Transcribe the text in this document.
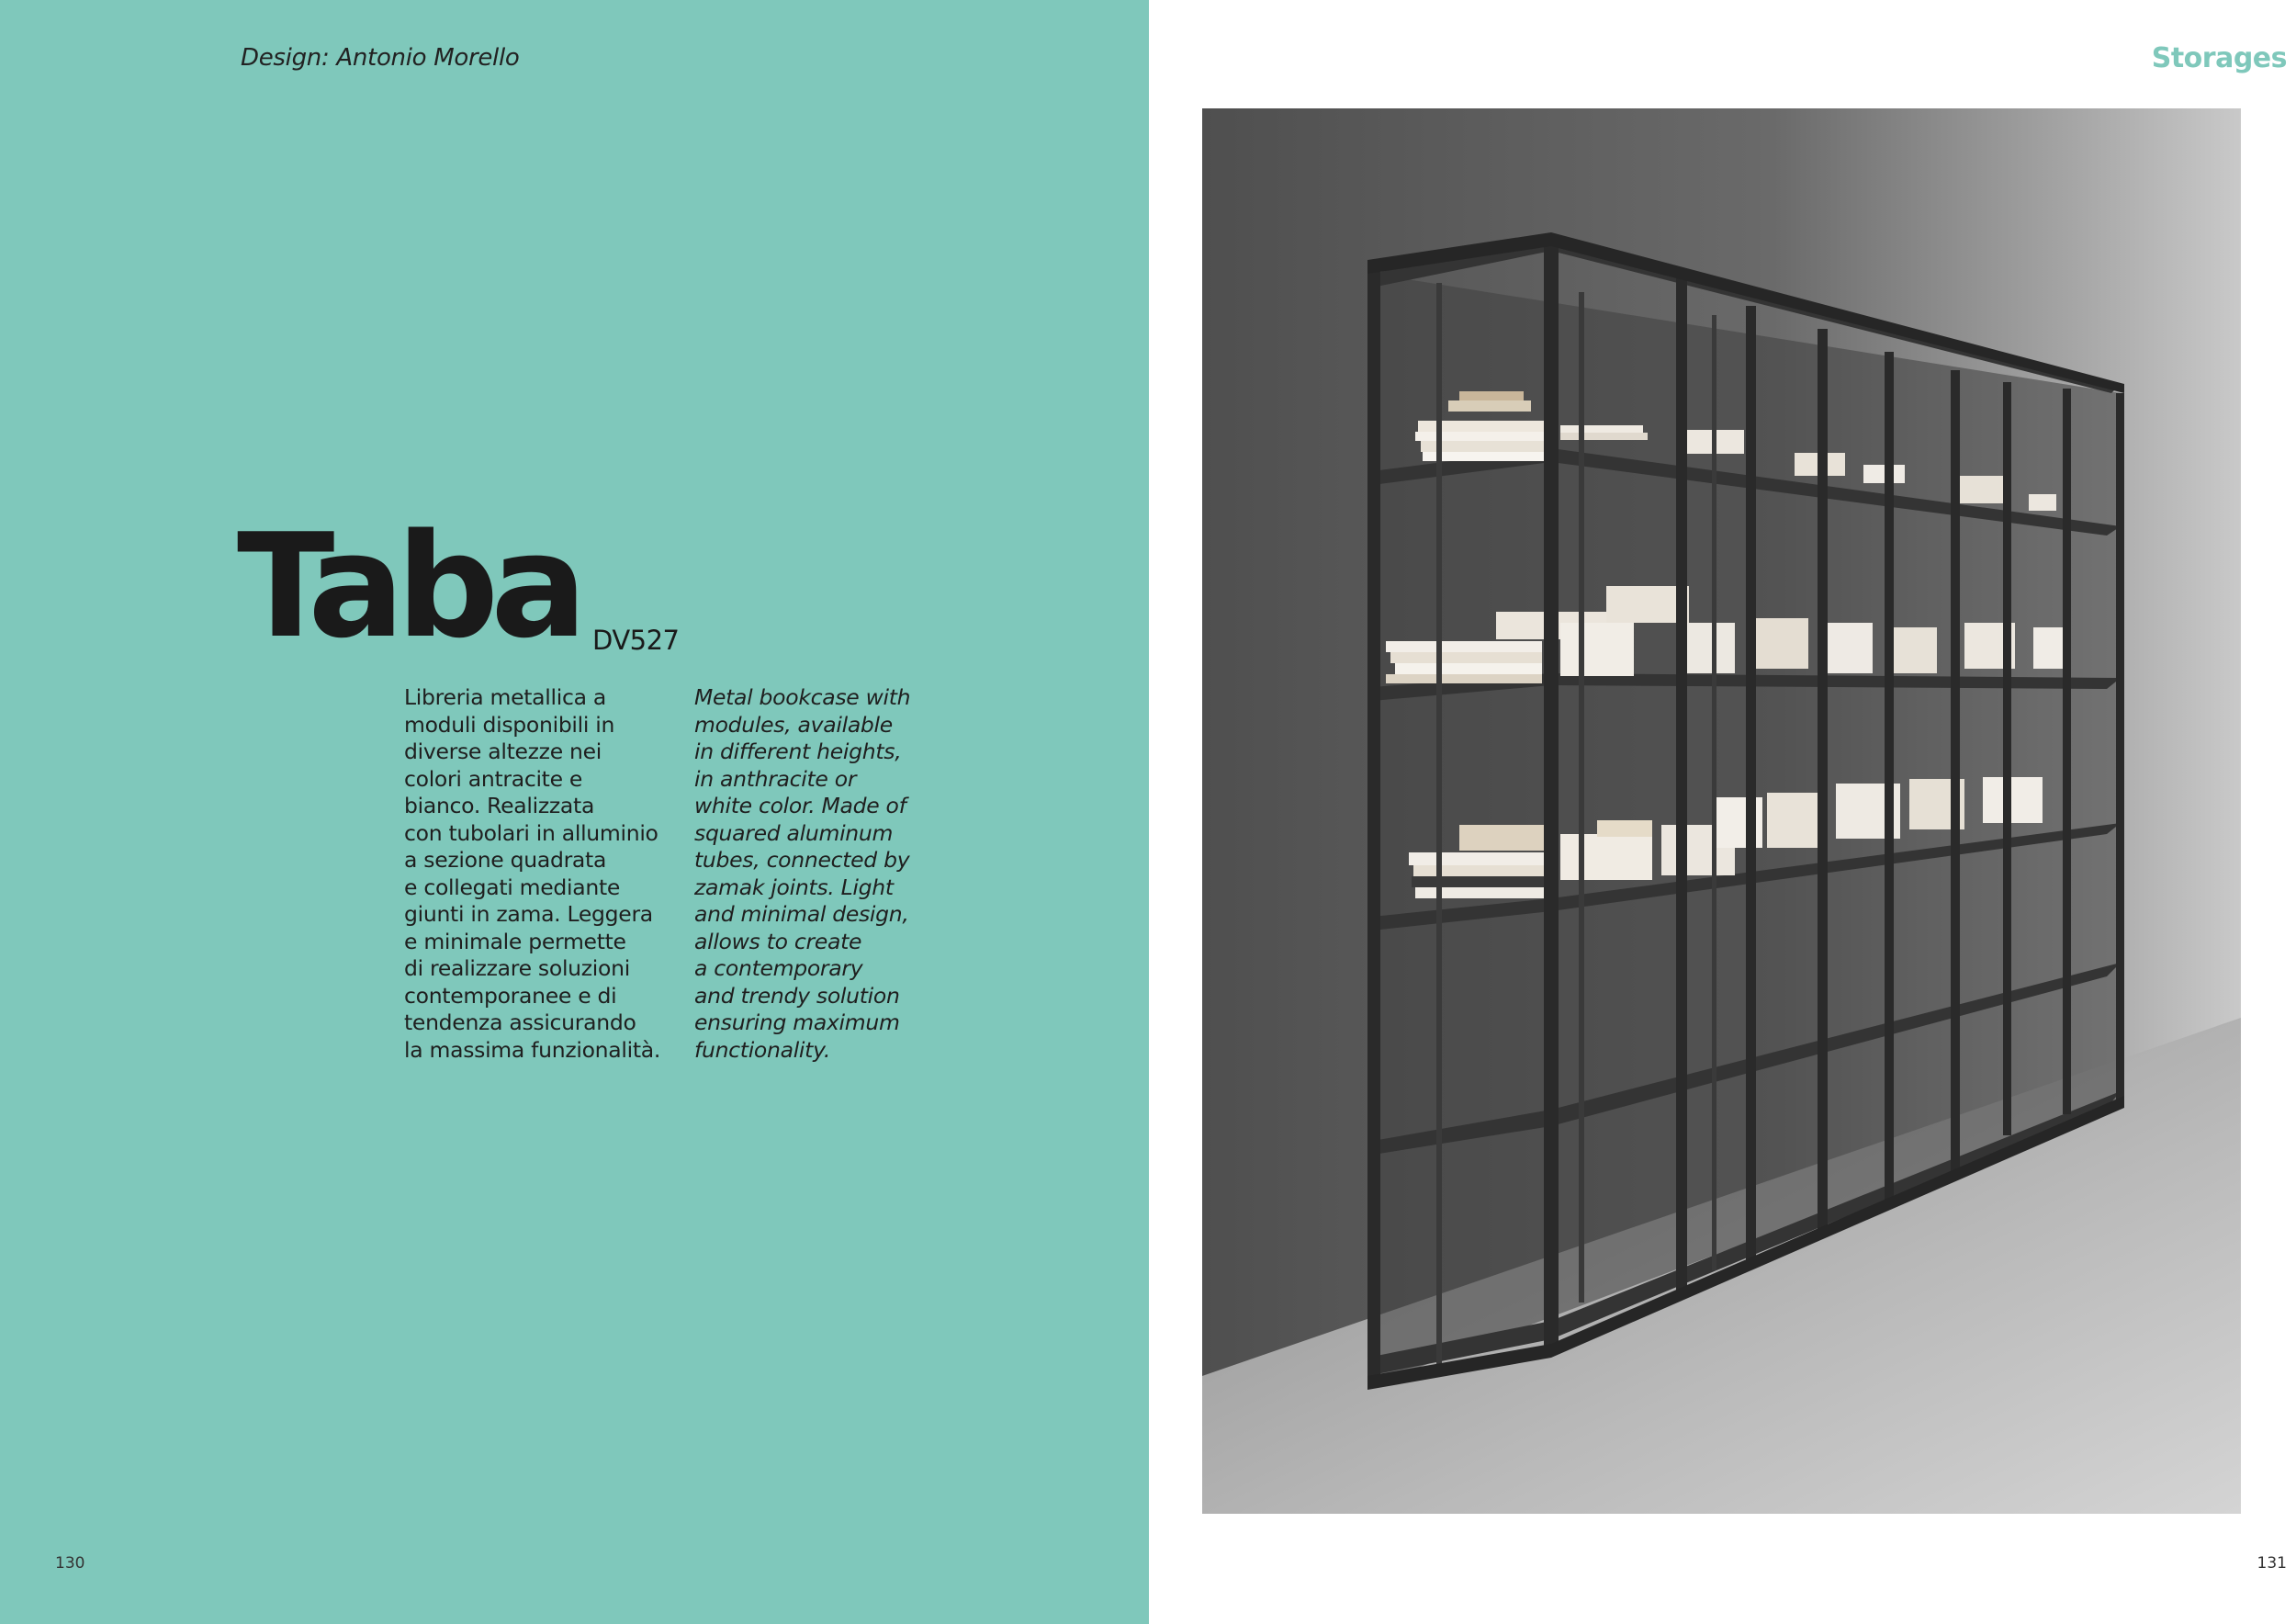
Design: Antonio Morello
Taba DV527
Libreria metallica a
moduli disponibili in
diverse altezze nei
colori antracite e
bianco. Realizzata
con tubolari in alluminio
a sezione quadrata
e collegati mediante
giunti in zama. Leggera
e minimale permette
di realizzare soluzioni
contemporanee e di
tendenza assicurando
la massima funzionalità.
Metal bookcase with
modules, available
in different heights,
in anthracite or
white color. Made of
squared aluminum
tubes, connected by
zamak joints. Light
and minimal design,
allows to create
a contemporary
and trendy solution
ensuring maximum
functionality.
130
Storages
131
